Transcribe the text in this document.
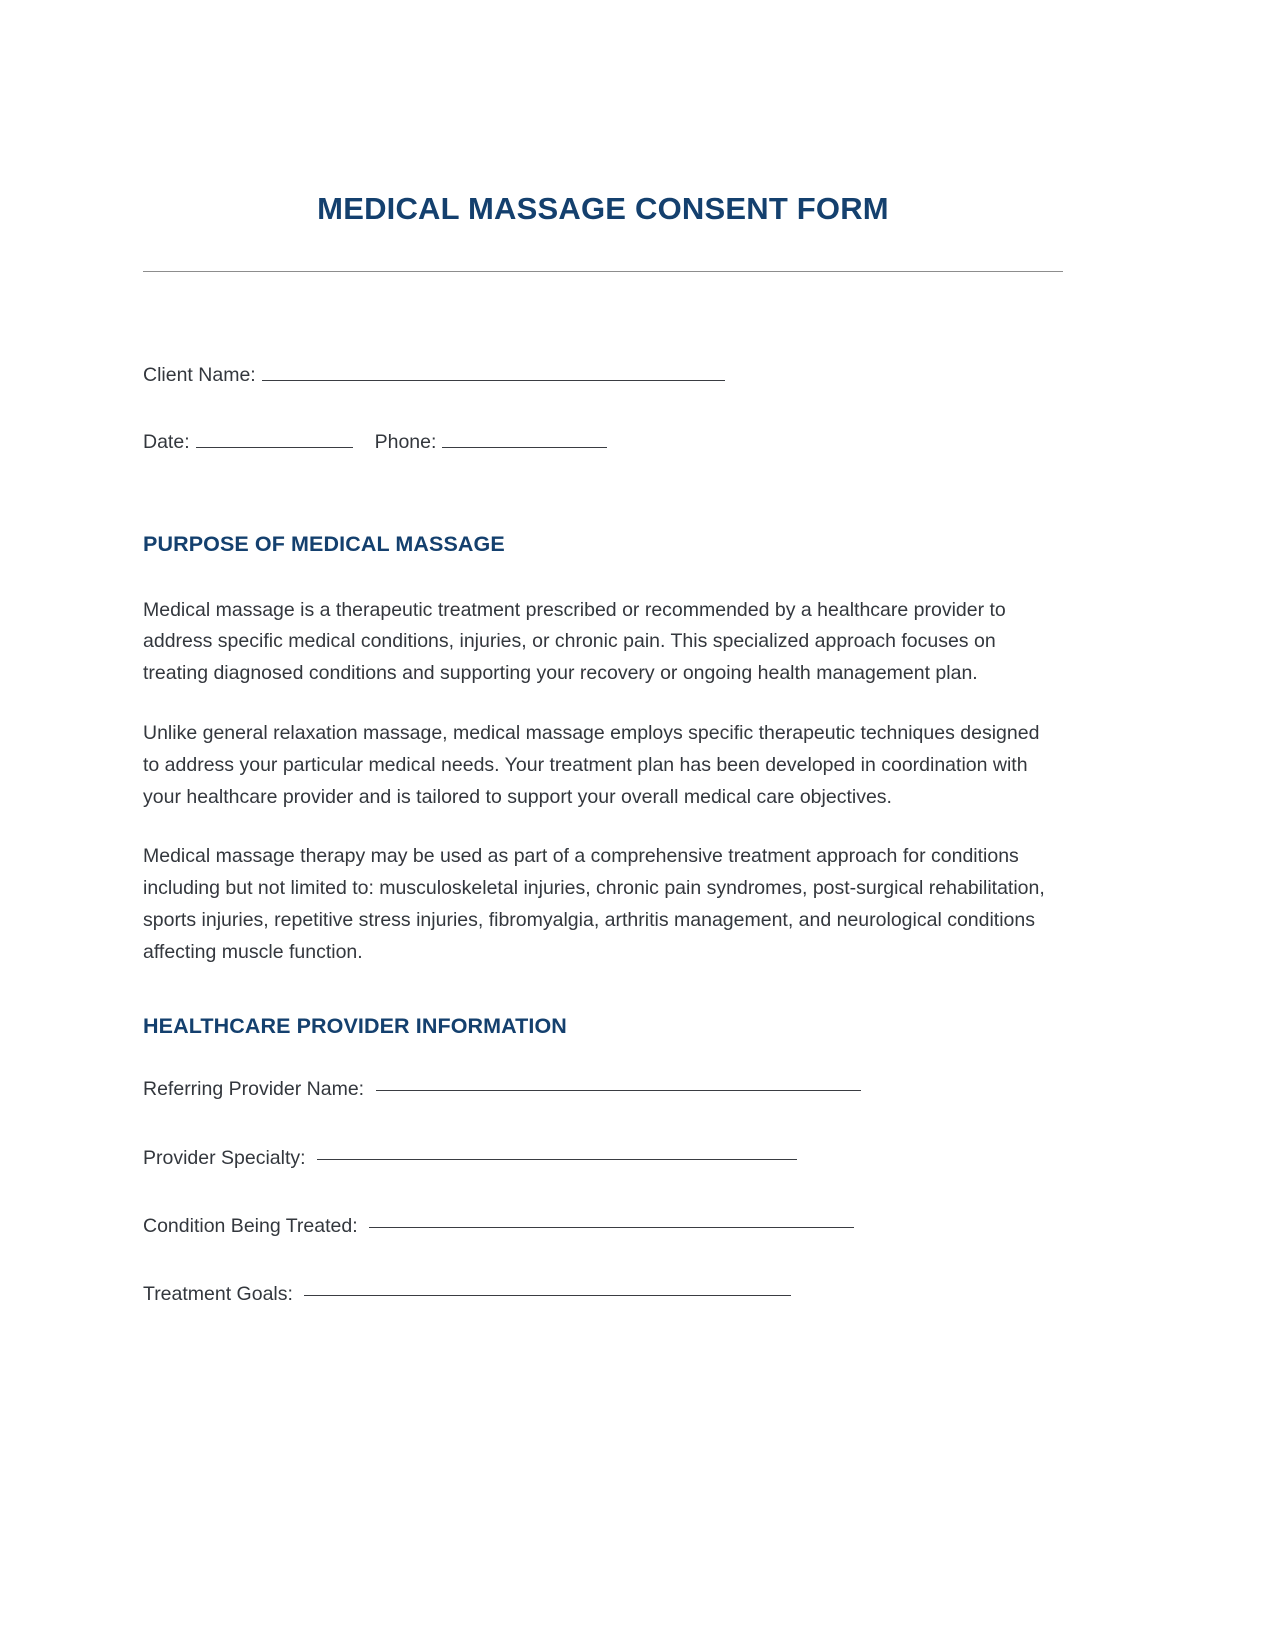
MEDICAL MASSAGE CONSENT FORM
Client Name:
Date:	Phone:
PURPOSE OF MEDICAL MASSAGE

Medical massage is a therapeutic treatment prescribed or recommended by a healthcare provider to address specific medical conditions, injuries, or chronic pain. This specialized approach focuses on treating diagnosed conditions and supporting your recovery or ongoing health management plan.

Unlike general relaxation massage, medical massage employs specific therapeutic techniques designed to address your particular medical needs. Your treatment plan has been developed in coordination with your healthcare provider and is tailored to support your overall medical care objectives.

Medical massage therapy may be used as part of a comprehensive treatment approach for conditions including but not limited to: musculoskeletal injuries, chronic pain syndromes, post-surgical rehabilitation, sports injuries, repetitive stress injuries, fibromyalgia, arthritis management, and neurological conditions affecting muscle function.

HEALTHCARE PROVIDER INFORMATION
Referring Provider Name:
Provider Specialty:
Condition Being Treated:
Treatment Goals:
